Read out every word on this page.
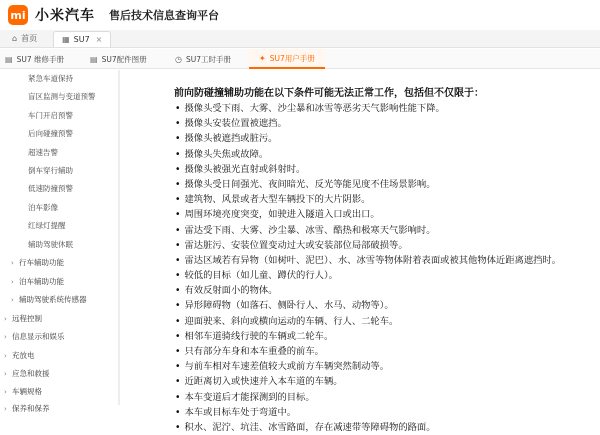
mi 小米汽车 售后技术信息查询平台
⌂ 首页	▦ SU7 ×
▤ SU7 维修手册	▤ SU7配件图册	◷ SU7工时手册	✦ SU7用户手册
紧急车道保持
盲区监测与变道预警
车门开启预警
后向碰撞预警
超速告警
倒车穿行辅助
低速防撞预警
泊车影像
红绿灯提醒
辅助驾驶休眠
› 行车辅助功能
› 泊车辅助功能
› 辅助驾驶系统传感器
› 远程控制
› 信息显示和娱乐
› 充放电
› 应急和救援
› 车辆规格
› 保养和保养
前向防碰撞辅助功能在以下条件可能无法正常工作，包括但不仅限于：
• 摄像头受下雨、大雾、沙尘暴和冰雪等恶劣天气影响性能下降。
• 摄像头安装位置被遮挡。
• 摄像头被遮挡或脏污。
• 摄像头失焦或故障。
• 摄像头被强光直射或斜射时。
• 摄像头受日间强光、夜间暗光、反光等能见度不佳场景影响。
• 建筑物、风景或者大型车辆投下的大片阴影。
• 周围环境亮度突变，如驶进入隧道入口或出口。
• 雷达受下雨、大雾、沙尘暴、冰雪、酷热和极寒天气影响时。
• 雷达脏污、安装位置变动过大或安装部位局部破损等。
• 雷达区域若有异物（如树叶、泥巴）、水、冰雪等物体附着表面或被其他物体近距离遮挡时。
• 较低的目标（如儿童、蹲伏的行人）。
• 有效反射面小的物体。
• 异形障碍物（如落石、侧卧行人、水马、动物等）。
• 迎面驶来、斜向或横向运动的车辆、行人、二轮车。
• 相邻车道骑线行驶的车辆或二轮车。
• 只有部分车身和本车重叠的前车。
• 与前车相对车速差值较大或前方车辆突然制动等。
• 近距离切入或快速并入本车道的车辆。
• 本车变道后才能探测到的目标。
• 本车或目标车处于弯道中。
• 积水、泥泞、坑洼、冰雪路面，存在减速带等障碍物的路面。
